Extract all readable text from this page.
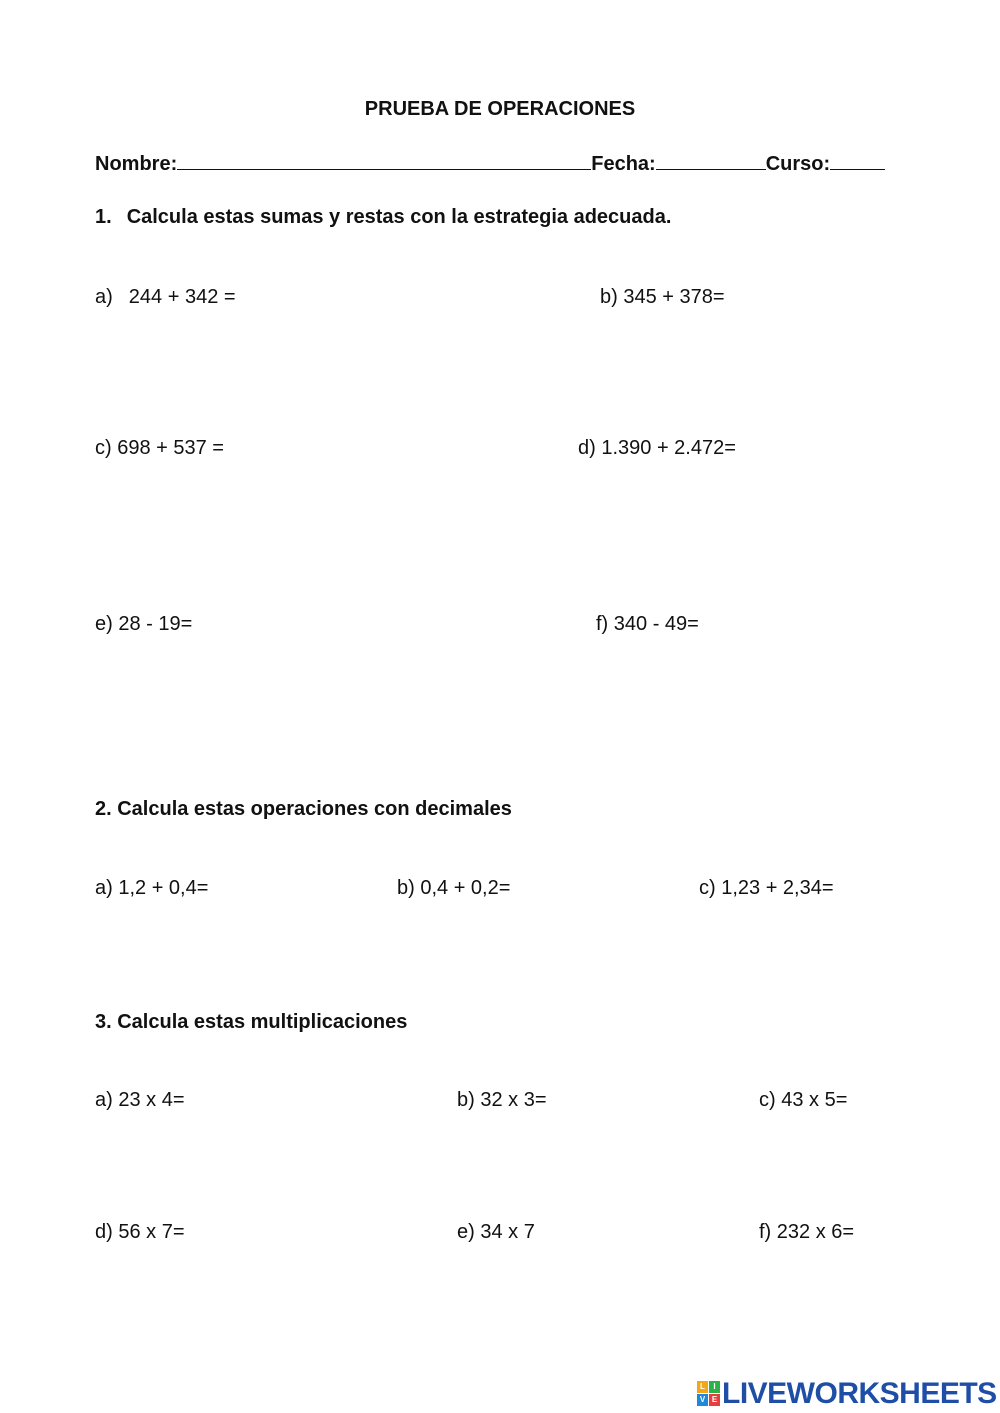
PRUEBA DE OPERACIONES
Nombre:	Fecha:	Curso:
1. Calcula estas sumas y restas con la estrategia adecuada.
a) 244 + 342 =	b) 345 + 378=
c) 698 + 537 =	d) 1.390 + 2.472=
e) 28 - 19=	f) 340 - 49=
2. Calcula estas operaciones con decimales
a) 1,2 + 0,4=	b) 0,4 + 0,2=	c) 1,23 + 2,34=
3. Calcula estas multiplicaciones
a) 23 x 4=	b) 32 x 3=	c) 43 x 5=
d) 56 x 7=	e) 34 x 7	f) 232 x 6=
L	I
V E LIVEWORKSHEETS
